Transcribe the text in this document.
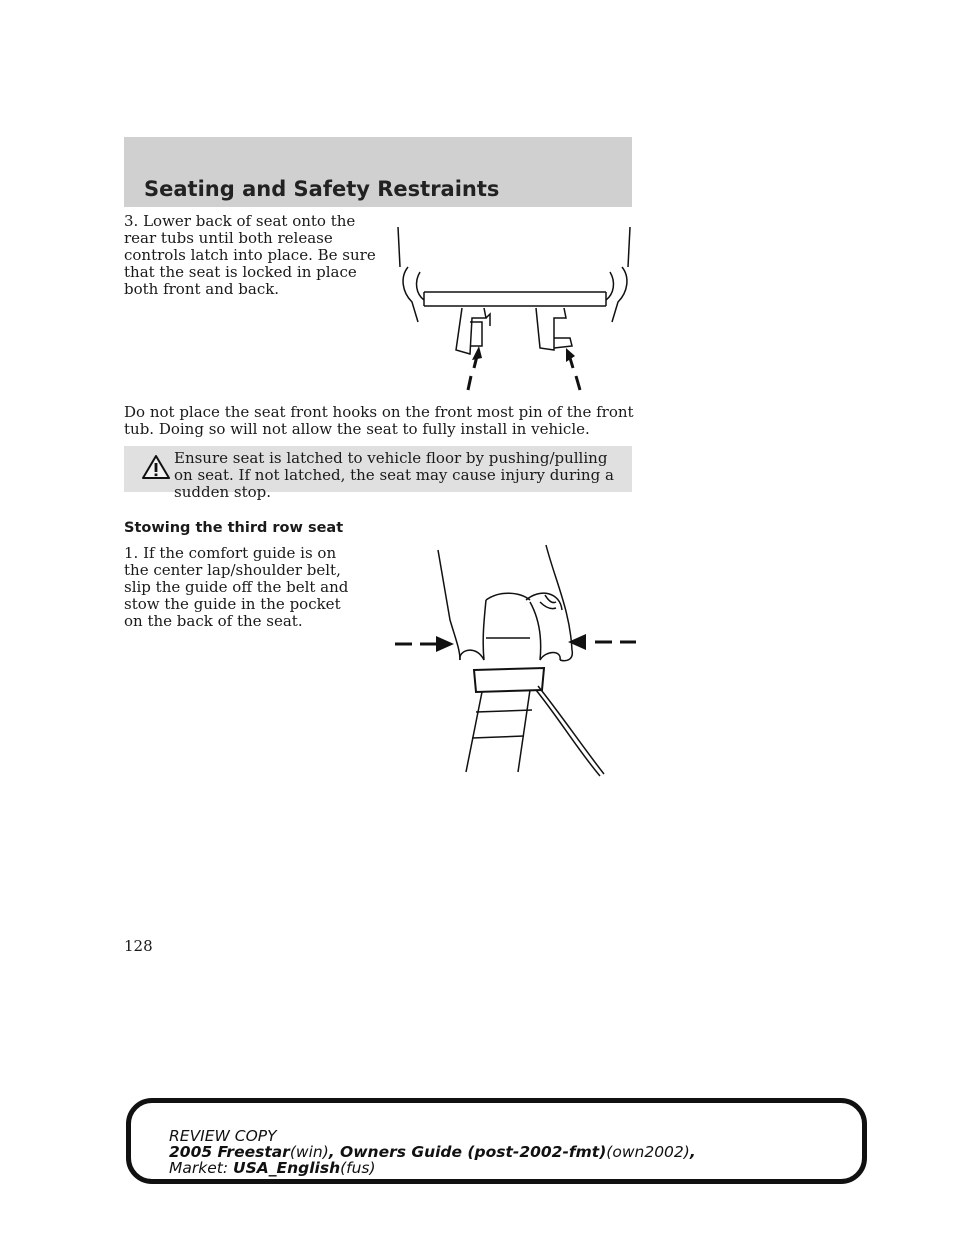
Seating and Safety Restraints

3. Lower back of seat onto the rear tubs until both release controls latch into place. Be sure that the seat is locked in place both front and back.

Do not place the seat front hooks on the front most pin of the front tub. Doing so will not allow the seat to fully install in vehicle.

Ensure seat is latched to vehicle floor by pushing/pulling on seat. If not latched, the seat may cause injury during a sudden stop.

Stowing the third row seat

1. If the comfort guide is on the center lap/shoulder belt, slip the guide off the belt and stow the guide in the pocket on the back of the seat.

128
REVIEW COPY
2005 Freestar(win), Owners Guide (post-2002-fmt)(own2002),
Market: USA_English(fus)
